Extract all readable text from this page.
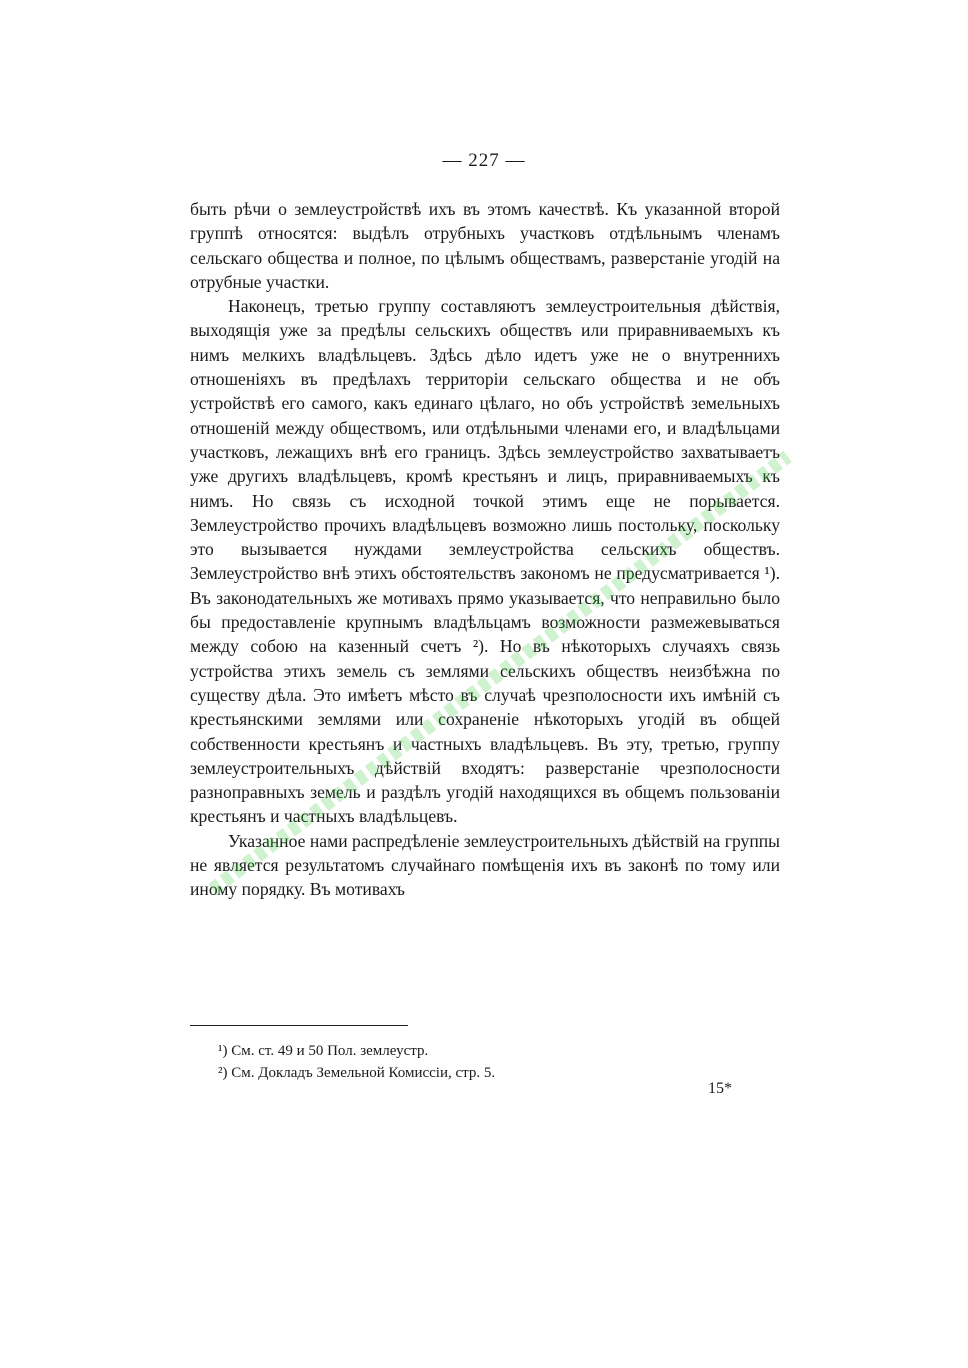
— 227 —

быть рѣчи о землеустройствѣ ихъ въ этомъ качествѣ. Къ указанной второй группѣ относятся: выдѣлъ отрубныхъ участковъ отдѣльнымъ членамъ сельскаго общества и полное, по цѣлымъ обществамъ, разверстанiе угодiй на отрубные участки.

Наконецъ, третью группу составляютъ землеустроительныя дѣйствiя, выходящiя уже за предѣлы сельскихъ обществъ или приравниваемыхъ къ нимъ мелкихъ владѣльцевъ. Здѣсь дѣло идетъ уже не о внутреннихъ отношенiяхъ въ предѣлахъ территорiи сельскаго общества и не объ устройствѣ его самого, какъ единаго цѣлаго, но объ устройствѣ земельныхъ отношенiй между обществомъ, или отдѣльными членами его, и владѣльцами участковъ, лежащихъ внѣ его границъ. Здѣсь землеустройство захватываетъ уже другихъ владѣльцевъ, кромѣ крестьянъ и лицъ, приравниваемыхъ къ нимъ. Но связь съ исходной точкой этимъ еще не порывается. Землеустройство прочихъ владѣльцевъ возможно лишь постольку, поскольку это вызывается нуждами землеустройства сельскихъ обществъ. Землеустройство внѣ этихъ обстоятельствъ закономъ не предусматривается ¹). Въ законодательныхъ же мотивахъ прямо указывается, что неправильно было бы предоставленiе крупнымъ владѣльцамъ возможности размежевываться между собою на казенный счетъ ²). Но въ нѣкоторыхъ случаяхъ связь устройства этихъ земель съ землями сельскихъ обществъ неизбѣжна по существу дѣла. Это имѣетъ мѣсто въ случаѣ чрезполосности ихъ имѣнiй съ крестьянскими землями или сохраненiе нѣкоторыхъ угодiй въ общей собственности крестьянъ и частныхъ владѣльцевъ. Въ эту, третью, группу землеустроительныхъ дѣйствiй входятъ: разверстанiе чрезполосности разноправныхъ земель и раздѣлъ угодiй находящихся въ общемъ пользованiи крестьянъ и частныхъ владѣльцевъ.

Указанное нами распредѣленiе землеустроительныхъ дѣйствiй на группы не является результатомъ случайнаго помѣщенiя ихъ въ законѣ по тому или иному порядку. Въ мотивахъ

¹) См. ст. 49 и 50 Пол. землеустр.
²) См. Докладъ Земельной Комиссiи, стр. 5.
15*
